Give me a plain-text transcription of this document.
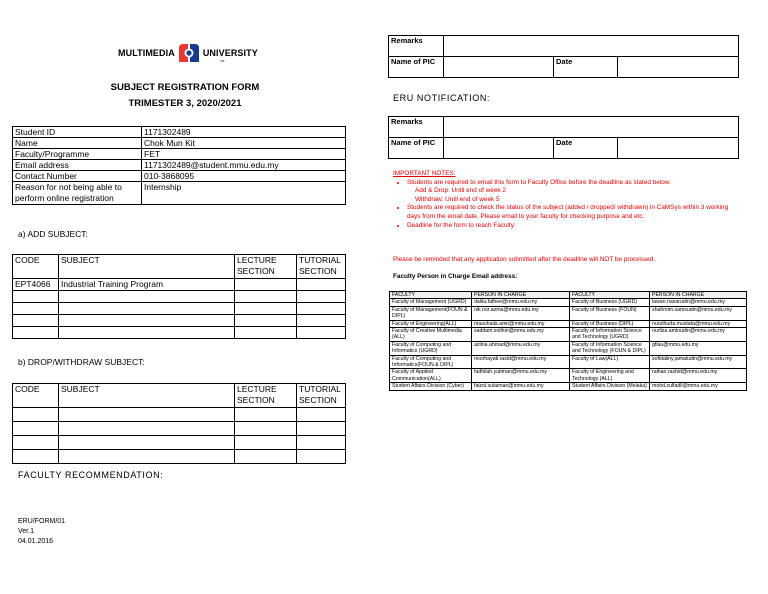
MULTIMEDIA	UNIVERSITY
TM
SUBJECT REGISTRATION FORM
TRIMESTER 3, 2020/2021
Student ID	1171302489
Name	Chok Mun Kit
Faculty/Programme	FET
Email address	1171302489@student.mmu.edu.my
Contact Number	010-3868095
Reason for not being able to perform online registration	Internship
a) ADD SUBJECT:
CODE	SUBJECT	LECTURE SECTION	TUTORIAL SECTION
EPT4066	Industrial Training Program		

b) DROP/WITHDRAW SUBJECT:
CODE	SUBJECT	LECTURE SECTION	TUTORIAL SECTION

FACULTY RECOMMENDATION:
ERU/FORM/01
Ver.1
04.01.2016
Remarks			
Name of PIC		Date	
ERU NOTIFICATION:
Remarks			
Name of PIC		Date	
IMPORTANT NOTES:
• Students are required to email this form to Faculty Office before the deadline as stated below.
Add & Drop: Until end of week 2
Withdraw: Until end of week 5
• Students are required to check the status of the subject (added / dropped/ withdrawn) in CaMSys within 3 working days from the email date. Please email to your faculty for checking purpose and etc.
• Deadline for the form to reach Faculty:
Please be reminded that any application submitted after the deadline will NOT be processed.
Faculty Person in Charge Email address:
FACULTY	PERSON IN CHARGE	FACULTY	PERSON IN CHARGE
Faculty of Management (UGRD)	dalila.fathee@mmu.edu.my	Faculty of Business (UGRD)	lawan.nasarudin@mmu.edu.my
Faculty of Management(FOUN & DIPL)	nik.nor.azma@mmu.edu.my	Faculty of Business (FOUN)	shahmim.samsudin@mmu.edu.my
Faculty of Engineering(ALL)	masuhaila.amir@mmu.edu.my	Faculty of Business (DIPL)	nurulhuda.mustafa@mmu.edu.my
Faculty of Creative Multimedia (ALL)	saddam.solihin@mmu.edu.my	Faculty of Information Science and Technology (UGRD)	nurliza.aminudin@mmu.edu.my
Faculty of Computing and Informatics (UGRD)	azlina.ahmad@mmu.edu.my	Faculty of Information Science and Technology (FOUN & DIPL)	gfiau@mmu.edu.my
Faculty of Computing and Informatics(FOUN & DIPL)	noorhayati.rasid@mmu.edu.my	Faculty of Law(ALL)	sofidaliny.jamaludin@mmu.edu.my
Faculty of Applied Communication(ALL)	fadhilah.yutiman@mmu.edu.my	Faculty of Engineering and Technology (ALL)	raihan.rashid@mmu.edu.my
Student Affairs Division (Cyber)	faizol.sulaiman@mmu.edu.my	Student Affairs Division (Melaka)	mohd.zulfadli@mmu.edu.my
